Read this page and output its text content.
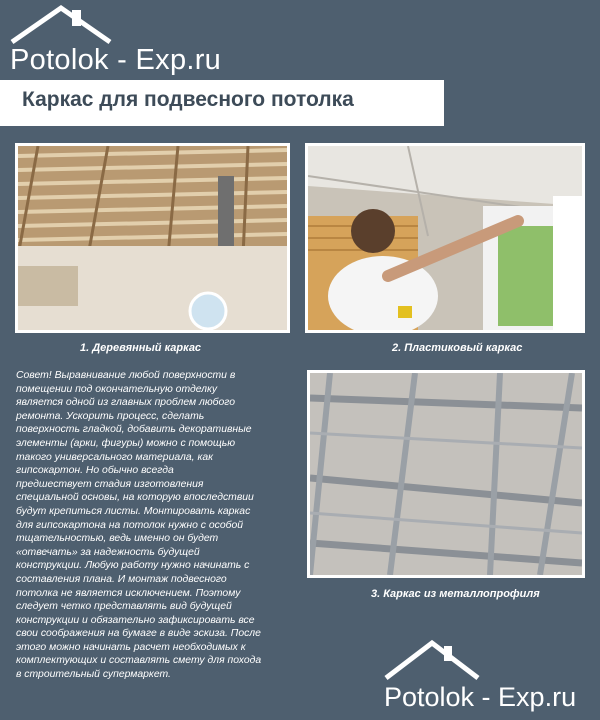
Potolok - Exp.ru
Каркас для подвесного потолка
1. Деревянный каркас	2. Пластиковый каркас
3. Каркас из металлопрофиля
Совет! Выравнивание любой поверхности в
помещении под окончательную отделку
является одной из главных проблем любого
ремонта. Ускорить процесс, сделать
поверхность гладкой, добавить декоративные
элементы (арки, фигуры) можно с помощью
такого универсального материала, как
гипсокартон. Но обычно всегда
предшествует стадия изготовления
специальной основы, на которую впоследствии
будут крепиться листы. Монтировать каркас
для гипсокартона на потолок нужно с особой
тщательностью, ведь именно он будет
«отвечать» за надежность будущей
конструкции. Любую работу нужно начинать с
составления плана. И монтаж подвесного
потолка не является исключением. Поэтому
следует четко представлять вид будущей
конструкции и обязательно зафиксировать все
свои соображения на бумаге в виде эскиза. После
этого можно начинать расчет необходимых к
комплектующих и составлять смету для похода
в строительный супермаркет.
Potolok - Exp.ru
